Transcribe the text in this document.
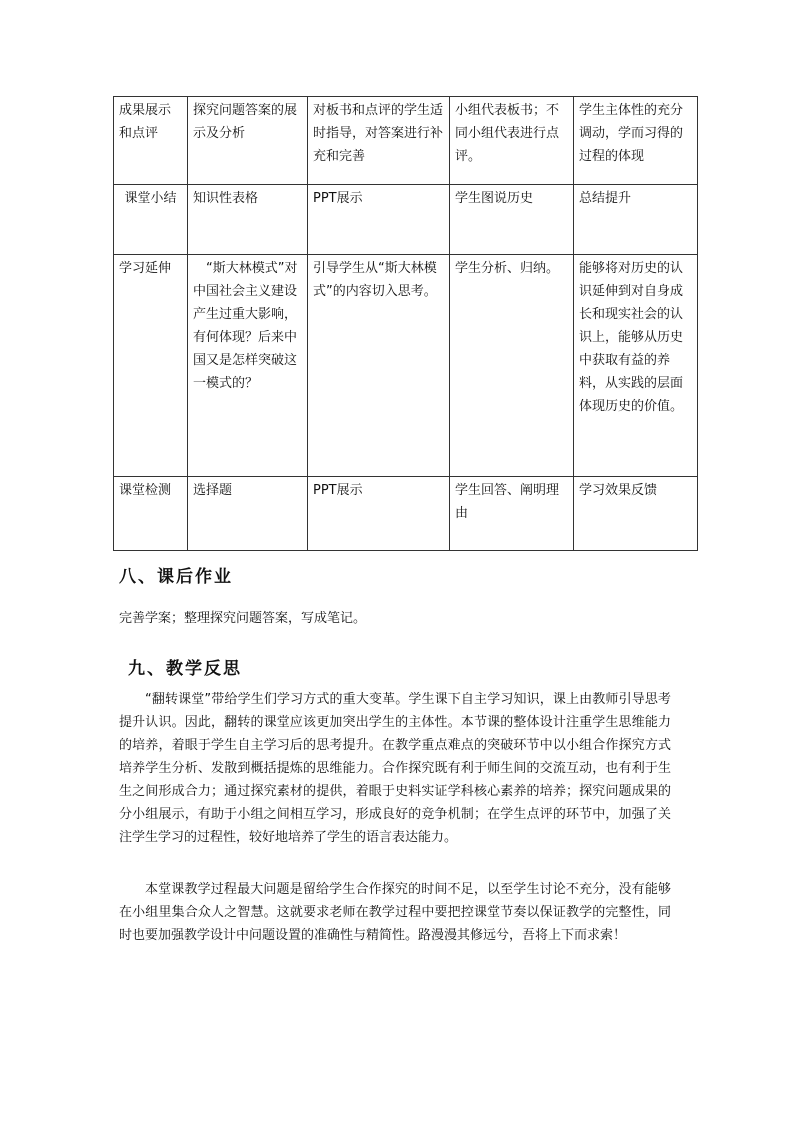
成果展示和点评	探究问题答案的展示及分析	对板书和点评的学生适时指导，对答案进行补充和完善	小组代表板书；不同小组代表进行点评。	学生主体性的充分调动，学而习得的过程的体现
课堂小结	知识性表格	PPT展示	学生图说历史	总结提升
学习延伸	“斯大林模式”对中国社会主义建设产生过重大影响，有何体现？后来中国又是怎样突破这一模式的？	引导学生从“斯大林模式”的内容切入思考。	学生分析、归纳。	能够将对历史的认识延伸到对自身成长和现实社会的认识上，能够从历史中获取有益的养料，从实践的层面体现历史的价值。
课堂检测	选择题	PPT展示	学生回答、阐明理由	学习效果反馈
八、课后作业

完善学案；整理探究问题答案，写成笔记。

九、教学反思

“翻转课堂”带给学生们学习方式的重大变革。学生课下自主学习知识，课上由教师引导思考提升认识。因此，翻转的课堂应该更加突出学生的主体性。本节课的整体设计注重学生思维能力的培养，着眼于学生自主学习后的思考提升。在教学重点难点的突破环节中以小组合作探究方式培养学生分析、发散到概括提炼的思维能力。合作探究既有利于师生间的交流互动，也有利于生生之间形成合力；通过探究素材的提供，着眼于史料实证学科核心素养的培养；探究问题成果的分小组展示，有助于小组之间相互学习，形成良好的竞争机制；在学生点评的环节中，加强了关注学生学习的过程性，较好地培养了学生的语言表达能力。

本堂课教学过程最大问题是留给学生合作探究的时间不足，以至学生讨论不充分，没有能够在小组里集合众人之智慧。这就要求老师在教学过程中要把控课堂节奏以保证教学的完整性，同时也要加强教学设计中问题设置的准确性与精简性。路漫漫其修远兮，吾将上下而求索！
